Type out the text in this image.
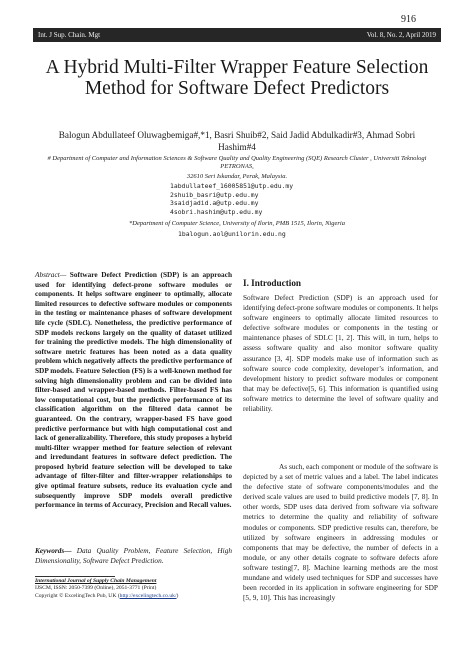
916
Int. J Sup. Chain. Mgt	Vol. 8, No. 2, April 2019
A Hybrid Multi-Filter Wrapper Feature Selection Method for Software Defect Predictors
Balogun Abdullateef Oluwagbemiga#,*1, Basri Shuib#2, Said Jadid Abdulkadir#3, Ahmad Sobri Hashim#4
# Department of Computer and Information Sciences & Software Quality and Quality Engineering (SQE) Research Cluster , Universiti Teknologi PETRONAS,
32610 Seri Iskandar, Perak, Malaysia.
1abdullateef_16005851@utp.edu.my
2shuib_basri@utp.edu.my
3saidjadid.a@utp.edu.my
4sobri.hashim@utp.edu.my
*Department of Computer Science, University of Ilorin, PMB 1515, Ilorin, Nigeria
1balogun.aol@unilorin.edu.ng
Abstract— Software Defect Prediction (SDP) is an approach used for identifying defect-prone software modules or components. It helps software engineer to optimally, allocate limited resources to defective software modules or components in the testing or maintenance phases of software development life cycle (SDLC). Nonetheless, the predictive performance of SDP models reckons largely on the quality of dataset utilized for training the predictive models. The high dimensionality of software metric features has been noted as a data quality problem which negatively affects the predictive performance of SDP models. Feature Selection (FS) is a well-known method for solving high dimensionality problem and can be divided into filter-based and wrapper-based methods. Filter-based FS has low computational cost, but the predictive performance of its classification algorithm on the filtered data cannot be guaranteed. On the contrary, wrapper-based FS have good predictive performance but with high computational cost and lack of generalizability. Therefore, this study proposes a hybrid multi-filter wrapper method for feature selection of relevant and irredundant features in software defect prediction. The proposed hybrid feature selection will be developed to take advantage of filter-filter and filter-wrapper relationships to give optimal feature subsets, reduce its evaluation cycle and subsequently improve SDP models overall predictive performance in terms of Accuracy, Precision and Recall values.
Keywords— Data Quality Problem, Feature Selection, High Dimensionality, Software Defect Prediction.
International Journal of Supply Chain Management
IJSCM, ISSN: 2050-7399 (Online), 2051-3771 (Print)
Copyright © ExcelingTech Pub, UK (http://excelingtech.co.uk/)
I. Introduction
Software Defect Prediction (SDP) is an approach used for identifying defect-prone software modules or components. It helps software engineers to optimally allocate limited resources to defective software modules or components in the testing or maintenance phases of SDLC [1, 2]. This will, in turn, helps to assess software quality and also monitor software quality assurance [3, 4]. SDP models make use of information such as software source code complexity, developer’s information, and development history to predict software modules or component that may be defective[5, 6]. This information is quantified using software metrics to determine the level of software quality and reliability.
As such, each component or module of the software is depicted by a set of metric values and a label. The label indicates the defective state of software components/modules and the derived scale values are used to build predictive models [7, 8]. In other words, SDP uses data derived from software via software metrics to determine the quality and reliability of software modules or components. SDP predictive results can, therefore, be utilized by software engineers in addressing modules or components that may be defective, the number of defects in a module, or any other details cognate to software defects afore software testing[7, 8]. Machine learning methods are the most mundane and widely used techniques for SDP and successes have been recorded in its application in software engineering for SDP [5, 9, 10]. This has increasingly
